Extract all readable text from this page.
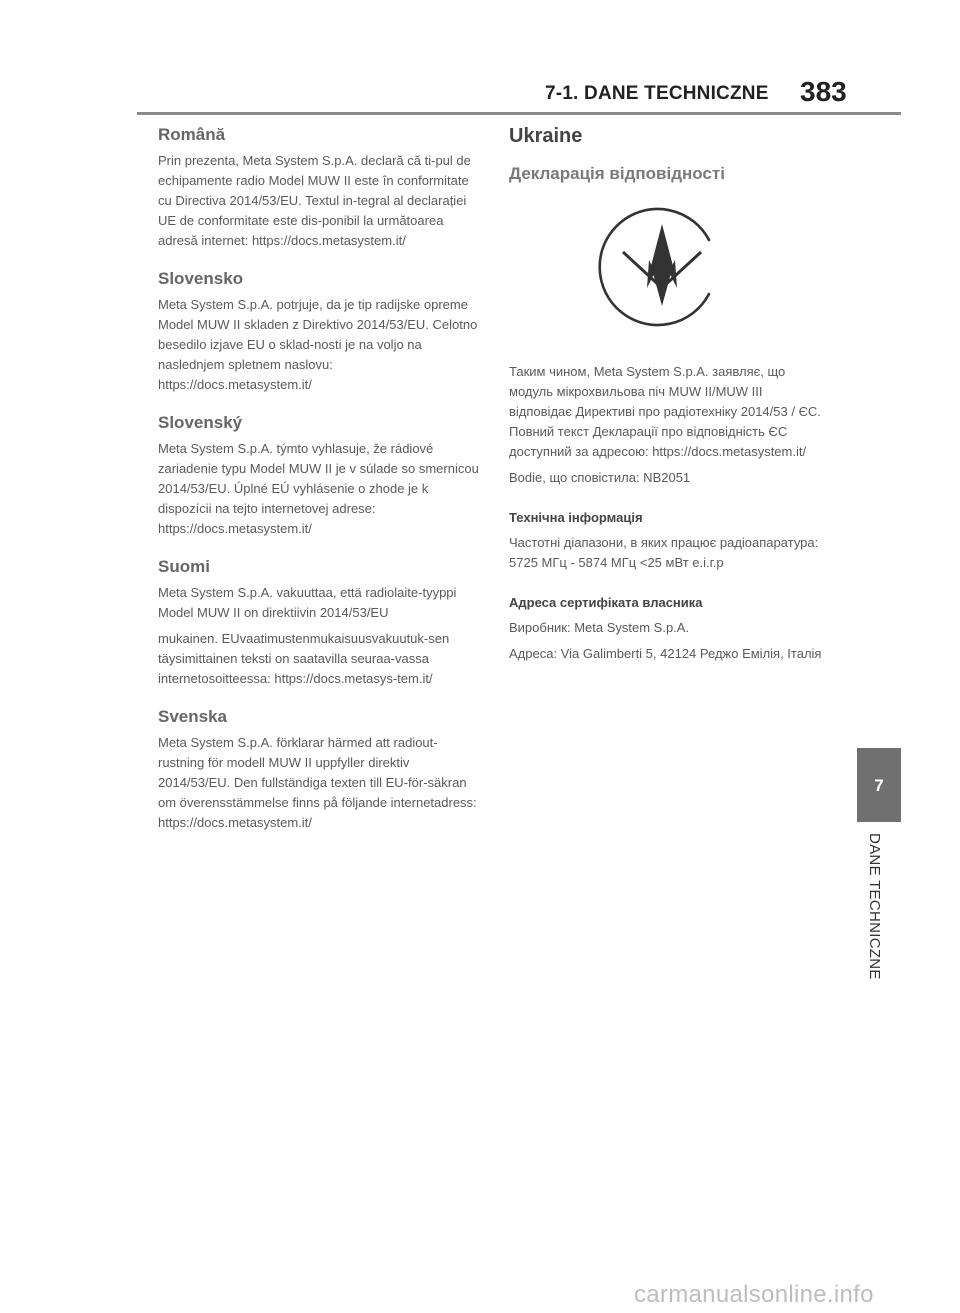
7-1. DANE TECHNICZNE 383
Română

Prin prezenta, Meta System S.p.A. declară că ti-pul de echipamente radio Model MUW II este în conformitate cu Directiva 2014/53/EU. Textul in-tegral al declarației UE de conformitate este dis-ponibil la următoarea adresă internet: https://docs.metasystem.it/

Slovensko

Meta System S.p.A. potrjuje, da je tip radijske opreme Model MUW II skladen z Direktivo 2014/53/EU. Celotno besedilo izjave EU o sklad-nosti je na voljo na naslednjem spletnem naslovu: https://docs.metasystem.it/

Slovenský

Meta System S.p.A. týmto vyhlasuje, že rádiové zariadenie typu Model MUW II je v súlade so smernicou 2014/53/EU. Úplné EÚ vyhlásenie o zhode je k dispozícii na tejto internetovej adrese: https://docs.metasystem.it/

Suomi

Meta System S.p.A. vakuuttaa, että radiolaite-tyyppi Model MUW II on direktiivin 2014/53/EU

mukainen. EUvaatimustenmukaisuusvakuutuk-sen täysimittainen teksti on saatavilla seuraa-vassa internetosoitteessa: https://docs.metasys-tem.it/

Svenska

Meta System S.p.A. förklarar härmed att radiout-rustning för modell MUW II uppfyller direktiv 2014/53/EU. Den fullständiga texten till EU-för-säkran om överensstämmelse finns på följande internetadress: https://docs.metasystem.it/

Ukraine
Декларація відповідності

Таким чином, Meta System S.p.A. заявляє, що модуль мікрохвильова піч MUW II/MUW III відповідає Директиві про радіотехніку 2014/53 / ЄС. Повний текст Декларації про відповідність ЄС доступний за адресою: https://docs.metasystem.it/

Bodie, що сповістила: NB2051

Технічна інформація

Частотні діапазони, в яких працює радіоапаратура: 5725 МГц - 5874 МГц <25 мВт е.і.г.р

Адреса сертифіката власника

Виробник: Meta System S.p.A.

Адреса: Via Galimberti 5, 42124 Реджо Емілія, Італія

7
DANE TECHNICZNE
carmanualsonline.info
